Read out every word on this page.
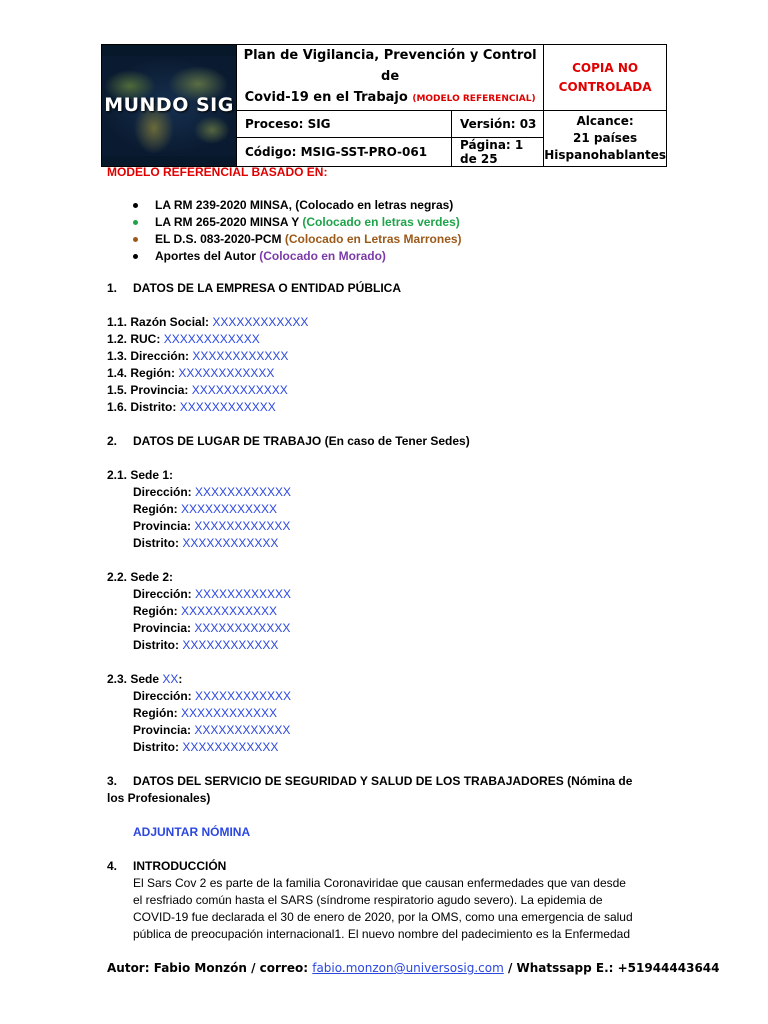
MUNDO SIG	Plan de Vigilancia, Prevención y Control de
Covid-19 en el Trabajo (MODELO REFERENCIAL)		COPIA NO
CONTROLADA
	Proceso: SIG	Versión: 03	Alcance:
21 países
Hispanohablantes
	Código: MSIG-SST-PRO-061	Página: 1 de 25	

MODELO REFERENCIAL BASADO EN:

LA RM 239-2020 MINSA, (Colocado en letras negras)
LA RM 265-2020 MINSA Y (Colocado en letras verdes)
EL D.S. 083-2020-PCM (Colocado en Letras Marrones)
Aportes del Autor (Colocado en Morado)

1. DATOS DE LA EMPRESA O ENTIDAD PÚBLICA

1.1. Razón Social: XXXXXXXXXXXX

1.2. RUC: XXXXXXXXXXXX

1.3. Dirección: XXXXXXXXXXXX

1.4. Región: XXXXXXXXXXXX

1.5. Provincia: XXXXXXXXXXXX

1.6. Distrito: XXXXXXXXXXXX

2. DATOS DE LUGAR DE TRABAJO (En caso de Tener Sedes)

2.1. Sede 1:

Dirección: XXXXXXXXXXXX

Región: XXXXXXXXXXXX

Provincia: XXXXXXXXXXXX

Distrito: XXXXXXXXXXXX

2.2. Sede 2:

Dirección: XXXXXXXXXXXX

Región: XXXXXXXXXXXX

Provincia: XXXXXXXXXXXX

Distrito: XXXXXXXXXXXX

2.3. Sede XX:

Dirección: XXXXXXXXXXXX

Región: XXXXXXXXXXXX

Provincia: XXXXXXXXXXXX

Distrito: XXXXXXXXXXXX

3. DATOS DEL SERVICIO DE SEGURIDAD Y SALUD DE LOS TRABAJADORES (Nómina de

los Profesionales)

ADJUNTAR NÓMINA

4. INTRODUCCIÓN

El Sars Cov 2 es parte de la familia Coronaviridae que causan enfermedades que van desde

el resfriado común hasta el SARS (síndrome respiratorio agudo severo). La epidemia de

COVID-19 fue declarada el 30 de enero de 2020, por la OMS, como una emergencia de salud

pública de preocupación internacional1. El nuevo nombre del padecimiento es la Enfermedad

Autor: Fabio Monzón / correo: fabio.monzon@universosig.com / Whatssapp E.: +51944443644
